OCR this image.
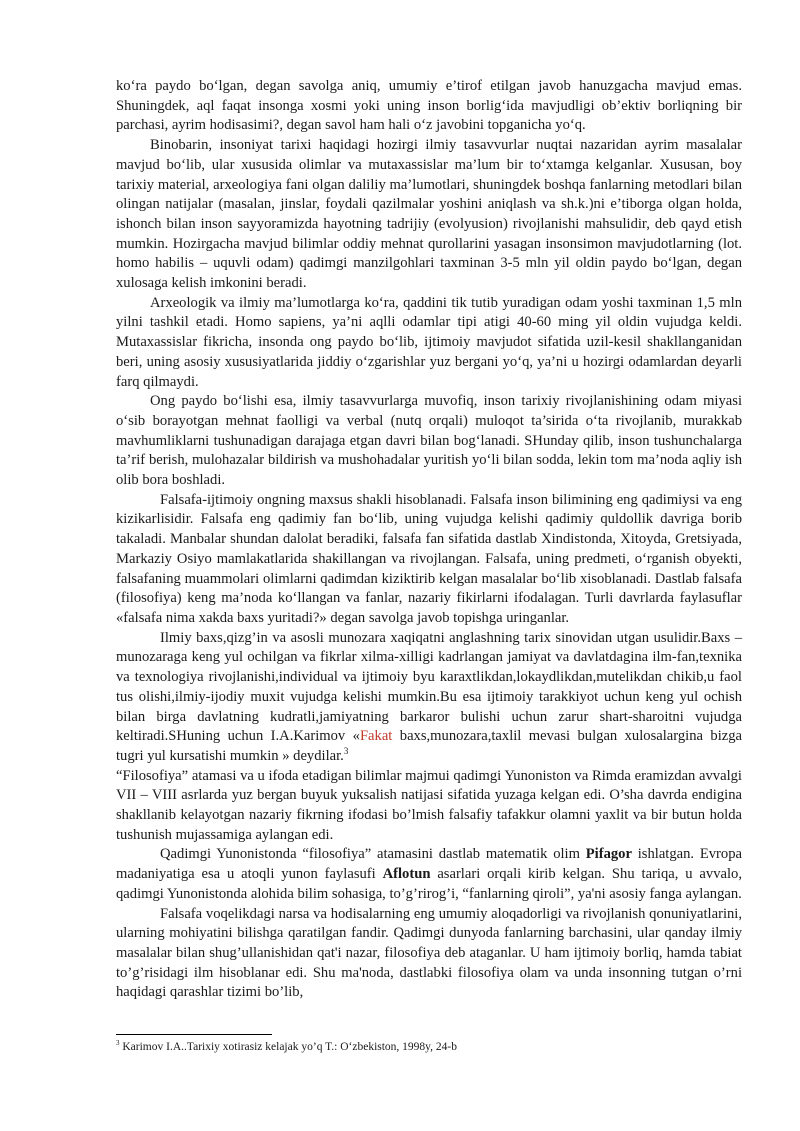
ko‘ra paydo bo‘lgan, degan savolga aniq, umumiy e’tirof etilgan javob hanuzgacha mavjud emas. Shuningdek, aql faqat insonga xosmi yoki uning inson borlig‘ida mavjudligi ob’ektiv borliqning bir parchasi, ayrim hodisasimi?, degan savol ham hali o‘z javobini topganicha yo‘q.

Binobarin, insoniyat tarixi haqidagi hozirgi ilmiy tasavvurlar nuqtai nazaridan ayrim masalalar mavjud bo‘lib, ular xususida olimlar va mutaxassislar ma’lum bir to‘xtamga kelganlar. Xususan, boy tarixiy material, arxeologiya fani olgan daliliy ma’lumotlari, shuningdek boshqa fanlarning metodlari bilan olingan natijalar (masalan, jinslar, foydali qazilmalar yoshini aniqlash va sh.k.)ni e’tiborga olgan holda, ishonch bilan inson sayyoramizda hayotning tadrijiy (evolyusion) rivojlanishi mahsulidir, deb qayd etish mumkin. Hozirgacha mavjud bilimlar oddiy mehnat qurollarini yasagan insonsimon mavjudotlarning (lot. homo habilis – uquvli odam) qadimgi manzilgohlari taxminan 3-5 mln yil oldin paydo bo‘lgan, degan xulosaga kelish imkonini beradi.

Arxeologik va ilmiy ma’lumotlarga ko‘ra, qaddini tik tutib yuradigan odam yoshi taxminan 1,5 mln yilni tashkil etadi. Homo sapiens, ya’ni aqlli odamlar tipi atigi 40-60 ming yil oldin vujudga keldi. Mutaxassislar fikricha, insonda ong paydo bo‘lib, ijtimoiy mavjudot sifatida uzil-kesil shakllanganidan beri, uning asosiy xususiyatlarida jiddiy o‘zgarishlar yuz bergani yo‘q, ya’ni u hozirgi odamlardan deyarli farq qilmaydi.

Ong paydo bo‘lishi esa, ilmiy tasavvurlarga muvofiq, inson tarixiy rivojlanishining odam miyasi o‘sib borayotgan mehnat faolligi va verbal (nutq orqali) muloqot ta’sirida o‘ta rivojlanib, murakkab mavhumliklarni tushunadigan darajaga etgan davri bilan bog‘lanadi. SHunday qilib, inson tushunchalarga ta’rif berish, mulohazalar bildirish va mushohadalar yuritish yo‘li bilan sodda, lekin tom ma’noda aqliy ish olib bora boshladi.

Falsafa-ijtimoiy ongning maxsus shakli hisoblanadi. Falsafa inson bilimining eng qadimiysi va eng kizikarlisidir. Falsafa eng qadimiy fan bo‘lib, uning vujudga kelishi qadimiy quldollik davriga borib takaladi. Manbalar shundan dalolat beradiki, falsafa fan sifatida dastlab Xindistonda, Xitoyda, Gretsiyada, Markaziy Osiyo mamlakatlarida shakillangan va rivojlangan. Falsafa, uning predmeti, o‘rganish obyekti, falsafaning muammolari olimlarni qadimdan kiziktirib kelgan masalalar bo‘lib xisoblanadi. Dastlab falsafa (filosofiya) keng ma’noda ko‘llangan va fanlar, nazariy fikirlarni ifodalagan. Turli davrlarda faylasuflar «falsafa nima xakda baxs yuritadi?» degan savolga javob topishga uringanlar.

Ilmiy baxs,qizg’in va asosli munozara xaqiqatni anglashning tarix sinovidan utgan usulidir.Baxs – munozaraga keng yul ochilgan va fikrlar xilma-xilligi kadrlangan jamiyat va davlatdagina ilm-fan,texnika va texnologiya rivojlanishi,individual va ijtimoiy byu karaxtlikdan,lokaydlikdan,mutelikdan chikib,u faol tus olishi,ilmiy-ijodiy muxit vujudga kelishi mumkin.Bu esa ijtimoiy tarakkiyot uchun keng yul ochish bilan birga davlatning kudratli,jamiyatning barkaror bulishi uchun zarur shart-sharoitni vujudga keltiradi.SHuning uchun I.A.Karimov «Fakat baxs,munozara,taxlil mevasi bulgan xulosalargina bizga tugri yul kursatishi mumkin » deydilar.$^3$

“Filosofiya” atamasi va u ifoda etadigan bilimlar majmui qadimgi Yunoniston va Rimda eramizdan avvalgi VII – VIII asrlarda yuz bergan buyuk yuksalish natijasi sifatida yuzaga kelgan edi. O’sha davrda endigina shakllanib kelayotgan nazariy fikrning ifodasi bo’lmish falsafiy tafakkur olamni yaxlit va bir butun holda tushunish mujassamiga aylangan edi.

Qadimgi Yunonistonda “filosofiya” atamasini dastlab matematik olim Pifagor ishlatgan. Evropa madaniyatiga esa u atoqli yunon faylasufi Aflotun asarlari orqali kirib kelgan. Shu tariqa, u avvalo, qadimgi Yunonistonda alohida bilim sohasiga, to’g’rirog’i, “fanlarning qiroli”, ya'ni asosiy fanga aylangan.

Falsafa voqelikdagi narsa va hodisalarning eng umumiy aloqadorligi va rivojlanish qonuniyatlarini, ularning mohiyatini bilishga qaratilgan fandir. Qadimgi dunyoda fanlarning barchasini, ular qanday ilmiy masalalar bilan shug’ullanishidan qat'i nazar, filosofiya deb ataganlar. U ham ijtimoiy borliq, hamda tabiat to’g’risidagi ilm hisoblanar edi. Shu ma'noda, dastlabki filosofiya olam va unda insonning tutgan o’rni haqidagi qarashlar tizimi bo’lib,

$^3$ Karimov I.A..Tarixiy xotirasiz kelajak yo’q T.: O‘zbekiston, 1998y, 24-b
